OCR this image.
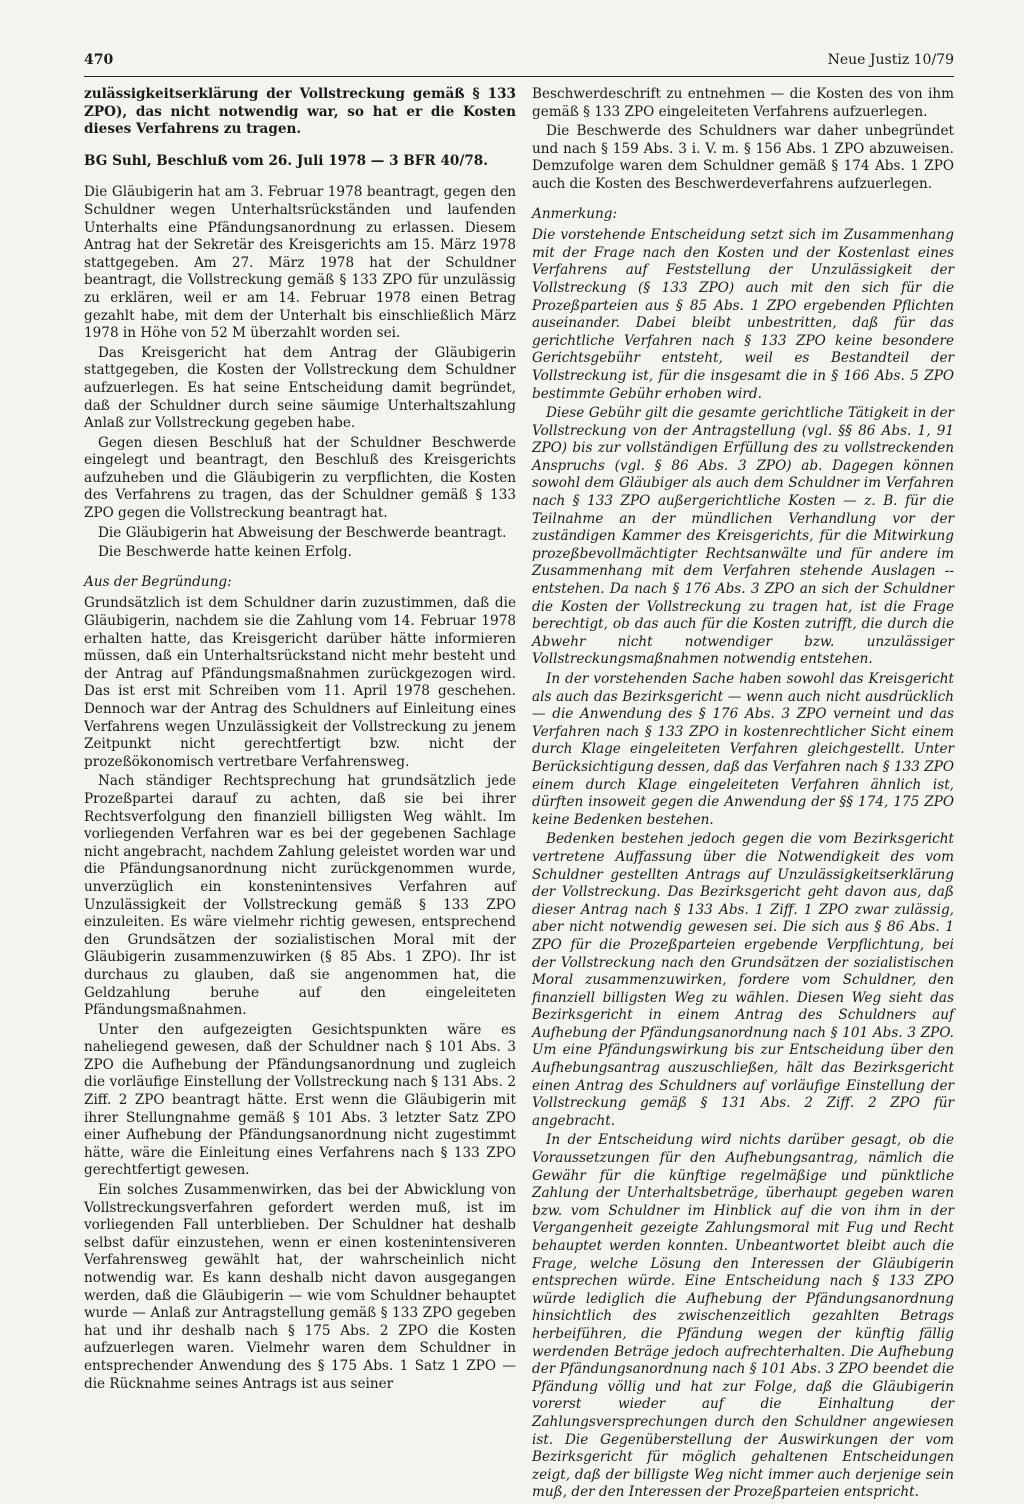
470	Neue Justiz 10/79

zulässigkeitserklärung der Vollstreckung gemäß § 133 ZPO), das nicht notwendig war, so hat er die Kosten dieses Verfahrens zu tragen.

BG Suhl, Beschluß vom 26. Juli 1978 — 3 BFR 40/78.

Die Gläubigerin hat am 3. Februar 1978 beantragt, gegen den Schuldner wegen Unterhaltsrückständen und laufenden Unterhalts eine Pfändungsanordnung zu erlassen. Diesem Antrag hat der Sekretär des Kreisgerichts am 15. März 1978 stattgegeben. Am 27. März 1978 hat der Schuldner beantragt, die Vollstreckung gemäß § 133 ZPO für unzulässig zu erklären, weil er am 14. Februar 1978 einen Betrag gezahlt habe, mit dem der Unterhalt bis einschließlich März 1978 in Höhe von 52 M überzahlt worden sei.

Das Kreisgericht hat dem Antrag der Gläubigerin stattgegeben, die Kosten der Vollstreckung dem Schuldner aufzuerlegen. Es hat seine Entscheidung damit begründet, daß der Schuldner durch seine säumige Unterhaltszahlung Anlaß zur Vollstreckung gegeben habe.

Gegen diesen Beschluß hat der Schuldner Beschwerde eingelegt und beantragt, den Beschluß des Kreisgerichts aufzuheben und die Gläubigerin zu verpflichten, die Kosten des Verfahrens zu tragen, das der Schuldner gemäß § 133 ZPO gegen die Vollstreckung beantragt hat.

Die Gläubigerin hat Abweisung der Beschwerde beantragt.

Die Beschwerde hatte keinen Erfolg.

Aus der Begründung:

Grundsätzlich ist dem Schuldner darin zuzustimmen, daß die Gläubigerin, nachdem sie die Zahlung vom 14. Februar 1978 erhalten hatte, das Kreisgericht darüber hätte informieren müssen, daß ein Unterhaltsrückstand nicht mehr besteht und der Antrag auf Pfändungsmaßnahmen zurückgezogen wird. Das ist erst mit Schreiben vom 11. April 1978 geschehen. Dennoch war der Antrag des Schuldners auf Einleitung eines Verfahrens wegen Unzulässigkeit der Vollstreckung zu jenem Zeitpunkt nicht gerechtfertigt bzw. nicht der prozeßökonomisch vertretbare Verfahrensweg.

Nach ständiger Rechtsprechung hat grundsätzlich jede Prozeßpartei darauf zu achten, daß sie bei ihrer Rechtsverfolgung den finanziell billigsten Weg wählt. Im vorliegenden Verfahren war es bei der gegebenen Sachlage nicht angebracht, nachdem Zahlung geleistet worden war und die Pfändungsanordnung nicht zurückgenommen wurde, unverzüglich ein konstenintensives Verfahren auf Unzulässigkeit der Vollstreckung gemäß § 133 ZPO einzuleiten. Es wäre vielmehr richtig gewesen, entsprechend den Grundsätzen der sozialistischen Moral mit der Gläubigerin zusammenzuwirken (§ 85 Abs. 1 ZPO). Ihr ist durchaus zu glauben, daß sie angenommen hat, die Geldzahlung beruhe auf den eingeleiteten Pfändungsmaßnahmen.

Unter den aufgezeigten Gesichtspunkten wäre es naheliegend gewesen, daß der Schuldner nach § 101 Abs. 3 ZPO die Aufhebung der Pfändungsanordnung und zugleich die vorläufige Einstellung der Vollstreckung nach § 131 Abs. 2 Ziff. 2 ZPO beantragt hätte. Erst wenn die Gläubigerin mit ihrer Stellungnahme gemäß § 101 Abs. 3 letzter Satz ZPO einer Aufhebung der Pfändungsanordnung nicht zugestimmt hätte, wäre die Einleitung eines Verfahrens nach § 133 ZPO gerechtfertigt gewesen.

Ein solches Zusammenwirken, das bei der Abwicklung von Vollstreckungsverfahren gefordert werden muß, ist im vorliegenden Fall unterblieben. Der Schuldner hat deshalb selbst dafür einzustehen, wenn er einen kostenintensiveren Verfahrensweg gewählt hat, der wahrscheinlich nicht notwendig war. Es kann deshalb nicht davon ausgegangen werden, daß die Gläubigerin — wie vom Schuldner behauptet wurde — Anlaß zur Antragstellung gemäß § 133 ZPO gegeben hat und ihr deshalb nach § 175 Abs. 2 ZPO die Kosten aufzuerlegen waren. Vielmehr waren dem Schuldner in entsprechender Anwendung des § 175 Abs. 1 Satz 1 ZPO — die Rücknahme seines Antrags ist aus seiner

Beschwerdeschrift zu entnehmen — die Kosten des von ihm gemäß § 133 ZPO eingeleiteten Verfahrens aufzuerlegen.

Die Beschwerde des Schuldners war daher unbegründet und nach § 159 Abs. 3 i. V. m. § 156 Abs. 1 ZPO abzuweisen. Demzufolge waren dem Schuldner gemäß § 174 Abs. 1 ZPO auch die Kosten des Beschwerdeverfahrens aufzuerlegen.

Anmerkung:

Die vorstehende Entscheidung setzt sich im Zusammenhang mit der Frage nach den Kosten und der Kostenlast eines Verfahrens auf Feststellung der Unzulässigkeit der Vollstreckung (§ 133 ZPO) auch mit den sich für die Prozeßparteien aus § 85 Abs. 1 ZPO ergebenden Pflichten auseinander. Dabei bleibt unbestritten, daß für das gerichtliche Verfahren nach § 133 ZPO keine besondere Gerichtsgebühr entsteht, weil es Bestandteil der Vollstreckung ist, für die insgesamt die in § 166 Abs. 5 ZPO bestimmte Gebühr erhoben wird.

Diese Gebühr gilt die gesamte gerichtliche Tätigkeit in der Vollstreckung von der Antragstellung (vgl. §§ 86 Abs. 1, 91 ZPO) bis zur vollständigen Erfüllung des zu vollstreckenden Anspruchs (vgl. § 86 Abs. 3 ZPO) ab. Dagegen können sowohl dem Gläubiger als auch dem Schuldner im Verfahren nach § 133 ZPO außergerichtliche Kosten — z. B. für die Teilnahme an der mündlichen Verhandlung vor der zuständigen Kammer des Kreisgerichts, für die Mitwirkung prozeßbevollmächtigter Rechtsanwälte und für andere im Zusammenhang mit dem Verfahren stehende Auslagen -- entstehen. Da nach § 176 Abs. 3 ZPO an sich der Schuldner die Kosten der Vollstreckung zu tragen hat, ist die Frage berechtigt, ob das auch für die Kosten zutrifft, die durch die Abwehr nicht notwendiger bzw. unzulässiger Vollstreckungsmaßnahmen notwendig entstehen.

In der vorstehenden Sache haben sowohl das Kreisgericht als auch das Bezirksgericht — wenn auch nicht ausdrücklich — die Anwendung des § 176 Abs. 3 ZPO verneint und das Verfahren nach § 133 ZPO in kostenrechtlicher Sicht einem durch Klage eingeleiteten Verfahren gleichgestellt. Unter Berücksichtigung dessen, daß das Verfahren nach § 133 ZPO einem durch Klage eingeleiteten Verfahren ähnlich ist, dürften insoweit gegen die Anwendung der §§ 174, 175 ZPO keine Bedenken bestehen.

Bedenken bestehen jedoch gegen die vom Bezirksgericht vertretene Auffassung über die Notwendigkeit des vom Schuldner gestellten Antrags auf Unzulässigkeitserklärung der Vollstreckung. Das Bezirksgericht geht davon aus, daß dieser Antrag nach § 133 Abs. 1 Ziff. 1 ZPO zwar zulässig, aber nicht notwendig gewesen sei. Die sich aus § 86 Abs. 1 ZPO für die Prozeßparteien ergebende Verpflichtung, bei der Vollstreckung nach den Grundsätzen der sozialistischen Moral zusammenzuwirken, fordere vom Schuldner, den finanziell billigsten Weg zu wählen. Diesen Weg sieht das Bezirksgericht in einem Antrag des Schuldners auf Aufhebung der Pfändungsanordnung nach § 101 Abs. 3 ZPO. Um eine Pfändungswirkung bis zur Entscheidung über den Aufhebungsantrag auszuschließen, hält das Bezirksgericht einen Antrag des Schuldners auf vorläufige Einstellung der Vollstreckung gemäß § 131 Abs. 2 Ziff. 2 ZPO für angebracht.

In der Entscheidung wird nichts darüber gesagt, ob die Voraussetzungen für den Aufhebungsantrag, nämlich die Gewähr für die künftige regelmäßige und pünktliche Zahlung der Unterhaltsbeträge, überhaupt gegeben waren bzw. vom Schuldner im Hinblick auf die von ihm in der Vergangenheit gezeigte Zahlungsmoral mit Fug und Recht behauptet werden konnten. Unbeantwortet bleibt auch die Frage, welche Lösung den Interessen der Gläubigerin entsprechen würde. Eine Entscheidung nach § 133 ZPO würde lediglich die Aufhebung der Pfändungsanordnung hinsichtlich des zwischenzeitlich gezahlten Betrags herbeiführen, die Pfändung wegen der künftig fällig werdenden Beträge jedoch aufrechterhalten. Die Aufhebung der Pfändungsanordnung nach § 101 Abs. 3 ZPO beendet die Pfändung völlig und hat zur Folge, daß die Gläubigerin vorerst wieder auf die Einhaltung der Zahlungsversprechungen durch den Schuldner angewiesen ist. Die Gegenüberstellung der Auswirkungen der vom Bezirksgericht für möglich gehaltenen Entscheidungen zeigt, daß der billigste Weg nicht immer auch derjenige sein muß, der den Interessen der Prozeßparteien entspricht.
